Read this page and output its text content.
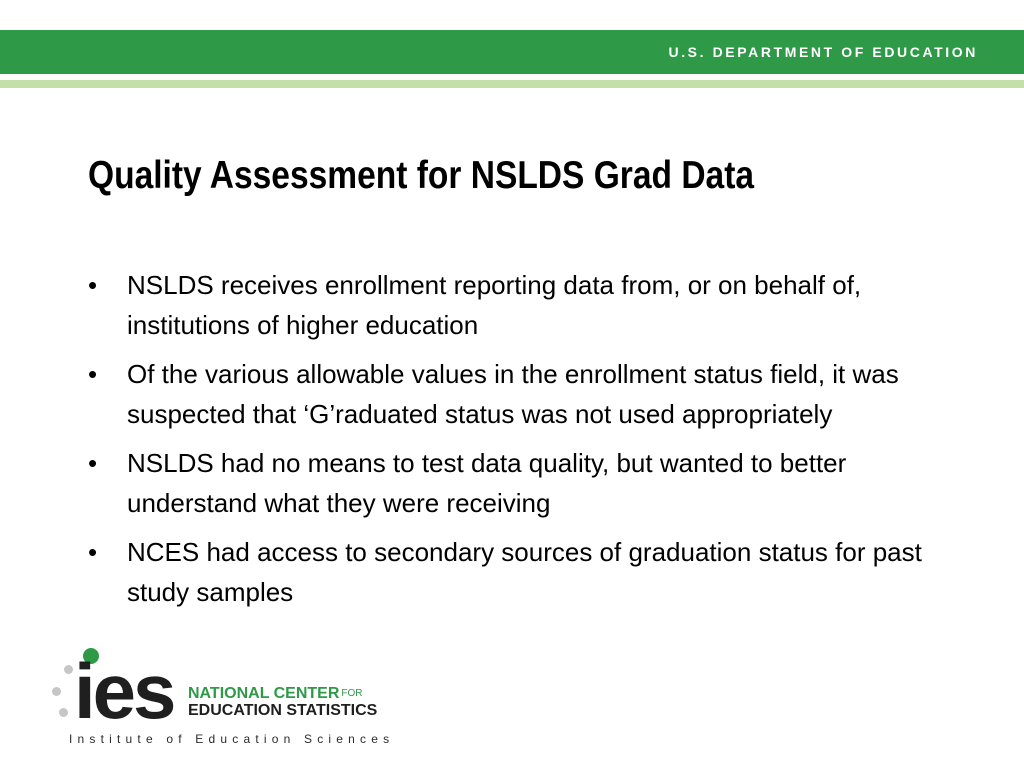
U.S. DEPARTMENT OF EDUCATION
Quality Assessment for NSLDS Grad Data
• NSLDS receives enrollment reporting data from, or on behalf of, institutions of higher education
• Of the various allowable values in the enrollment status field, it was suspected that ‘G’raduated status was not used appropriately
• NSLDS had no means to test data quality, but wanted to better understand what they were receiving
• NCES had access to secondary sources of graduation status for past study samples
ies NATIONAL CENTER $^{FOR}$
EDUCATION STATISTICS
Institute of Education Sciences
